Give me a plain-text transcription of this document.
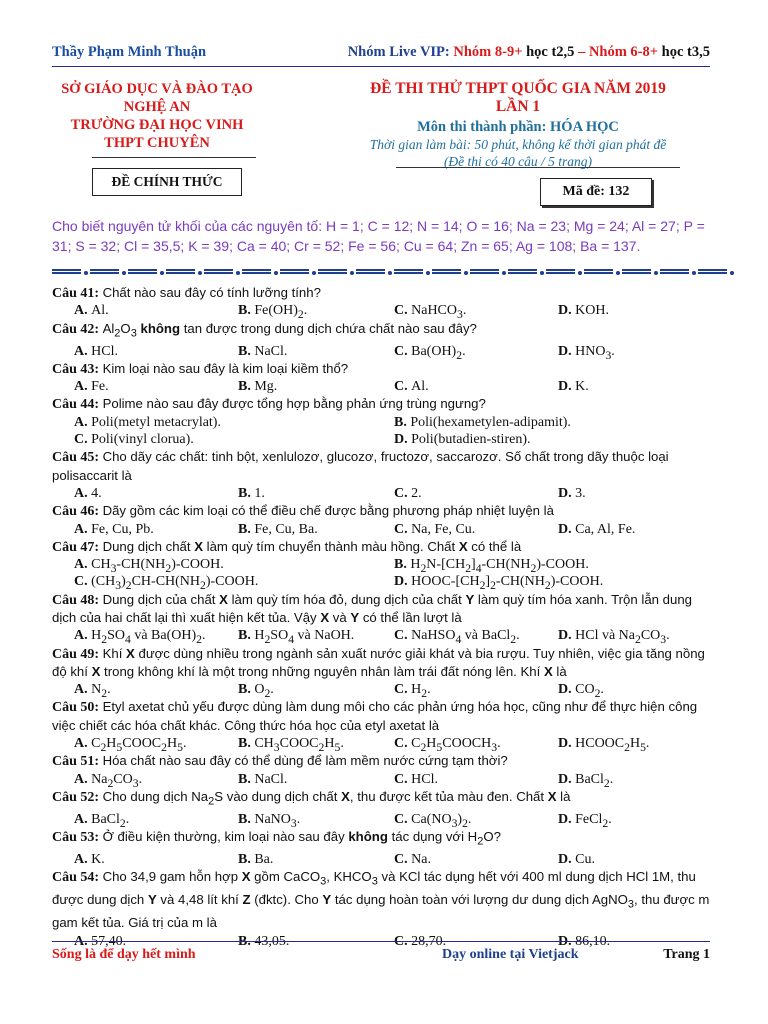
Thầy Phạm Minh Thuận	Nhóm Live VIP: Nhóm 8-9+ học t2,5 – Nhóm 6-8+ học t3,5
SỞ GIÁO DỤC VÀ ĐÀO TẠO
NGHỆ AN
TRƯỜNG ĐẠI HỌC VINH
THPT CHUYÊN
ĐỀ CHÍNH THỨC
ĐỀ THI THỬ THPT QUỐC GIA NĂM 2019
LẦN 1
Môn thi thành phần: HÓA HỌC
Thời gian làm bài: 50 phút, không kể thời gian phát đề
(Đề thi có 40 câu / 5 trang)
Mã đề: 132
Cho biết nguyên tử khối của các nguyên tố: H = 1; C = 12; N = 14; O = 16; Na = 23; Mg = 24; Al = 27; P = 31; S = 32; Cl = 35,5; K = 39; Ca = 40; Cr = 52; Fe = 56; Cu = 64; Zn = 65; Ag = 108; Ba = 137.
Câu 41: Chất nào sau đây có tính lưỡng tính?
A. Al.	B. $Fe(OH)_2$.	C. NaHCO$_3$.	D. KOH.
Câu 42: $Al_2O_3$ không tan được trong dung dịch chứa chất nào sau đây?
A. HCl.	B. NaCl.	C. $Ba(OH)_2$.	D. $HNO_3$.
Câu 43: Kim loại nào sau đây là kim loại kiềm thổ?
A. Fe.	B. Mg.	C. Al.	D. K.
Câu 44: Polime nào sau đây được tổng hợp bằng phản ứng trùng ngưng?
A. Poli(metyl metacrylat).	B. Poli(hexametylen-adipamit).
C. Poli(vinyl clorua).	D. Poli(butadien-stiren).
Câu 45: Cho dãy các chất: tinh bột, xenlulozơ, glucozơ, fructozơ, saccarozơ. Số chất trong dãy thuộc loại polisaccarit là
A. 4.	B. 1.	C. 2.	D. 3.
Câu 46: Dãy gồm các kim loại có thể điều chế được bằng phương pháp nhiệt luyện là
A. Fe, Cu, Pb.	B. Fe, Cu, Ba.	C. Na, Fe, Cu.	D. Ca, Al, Fe.
Câu 47: Dung dịch chất X làm quỳ tím chuyển thành màu hồng. Chất X có thể là
A. $CH_3-CH(NH_2)$-COOH.	B. $H_2N-[CH_2]_4-CH(NH_2)$-COOH.
C. $(CH_3)_2CH-CH(NH_2)$-COOH.	D. HOOC-$[CH_2]_2-CH(NH_2)$-COOH.
Câu 48: Dung dịch của chất X làm quỳ tím hóa đỏ, dung dịch của chất Y làm quỳ tím hóa xanh. Trộn lẫn dung dịch của hai chất lại thì xuất hiện kết tủa. Vậy X và Y có thể lần lượt là
A. $H_2SO_4$ và $Ba(OH)_2$. B. $H_2SO_4$ và NaOH.	C. NaHSO$_4$ và BaCl$_2$.	D. HCl và $Na_2CO_3$.
Câu 49: Khí X được dùng nhiều trong ngành sản xuất nước giải khát và bia rượu. Tuy nhiên, việc gia tăng nồng độ khí X trong không khí là một trong những nguyên nhân làm trái đất nóng lên. Khí X là
A. $N_2$.	B. $O_2$.	C. $H_2$.	D. $CO_2$.
Câu 50: Etyl axetat chủ yếu được dùng làm dung môi cho các phản ứng hóa học, cũng như để thực hiện công việc chiết các hóa chất khác. Công thức hóa học của etyl axetat là
A. $C_2H_5COOC_2H_5$.	B. $CH_3COOC_2H_5$.	C. $C_2H_5COOCH_3$.	D. $HCOOC_2H_5$.
Câu 51: Hóa chất nào sau đây có thể dùng để làm mềm nước cứng tạm thời?
A. $Na_2CO_3$.	B. NaCl.	C. HCl.	D. BaCl$_2$.
Câu 52: Cho dung dịch $Na_2S$ vào dung dịch chất X, thu được kết tủa màu đen. Chất X là
A. BaCl$_2$.	B. NaNO$_3$.	C. $Ca(NO_3)_2$.	D. FeCl$_2$.
Câu 53: Ở điều kiện thường, kim loại nào sau đây không tác dụng với $H_2O$?
A. K.	B. Ba.	C. Na.	D. Cu.
Câu 54: Cho 34,9 gam hỗn hợp X gồm CaCO$_3$, $KHCO_3$ và KCl tác dụng hết với 400 ml dung dịch HCl 1M, thu được dung dịch Y và 4,48 lít khí Z (đktc). Cho Y tác dụng hoàn toàn với lượng dư dung dịch AgNO$_3$, thu được m gam kết tủa. Giá trị của m là
A. 57,40.	B. 43,05.	C. 28,70.	D. 86,10.
Sống là để dạy hết mình	Dạy online tại Vietjack	Trang 1
